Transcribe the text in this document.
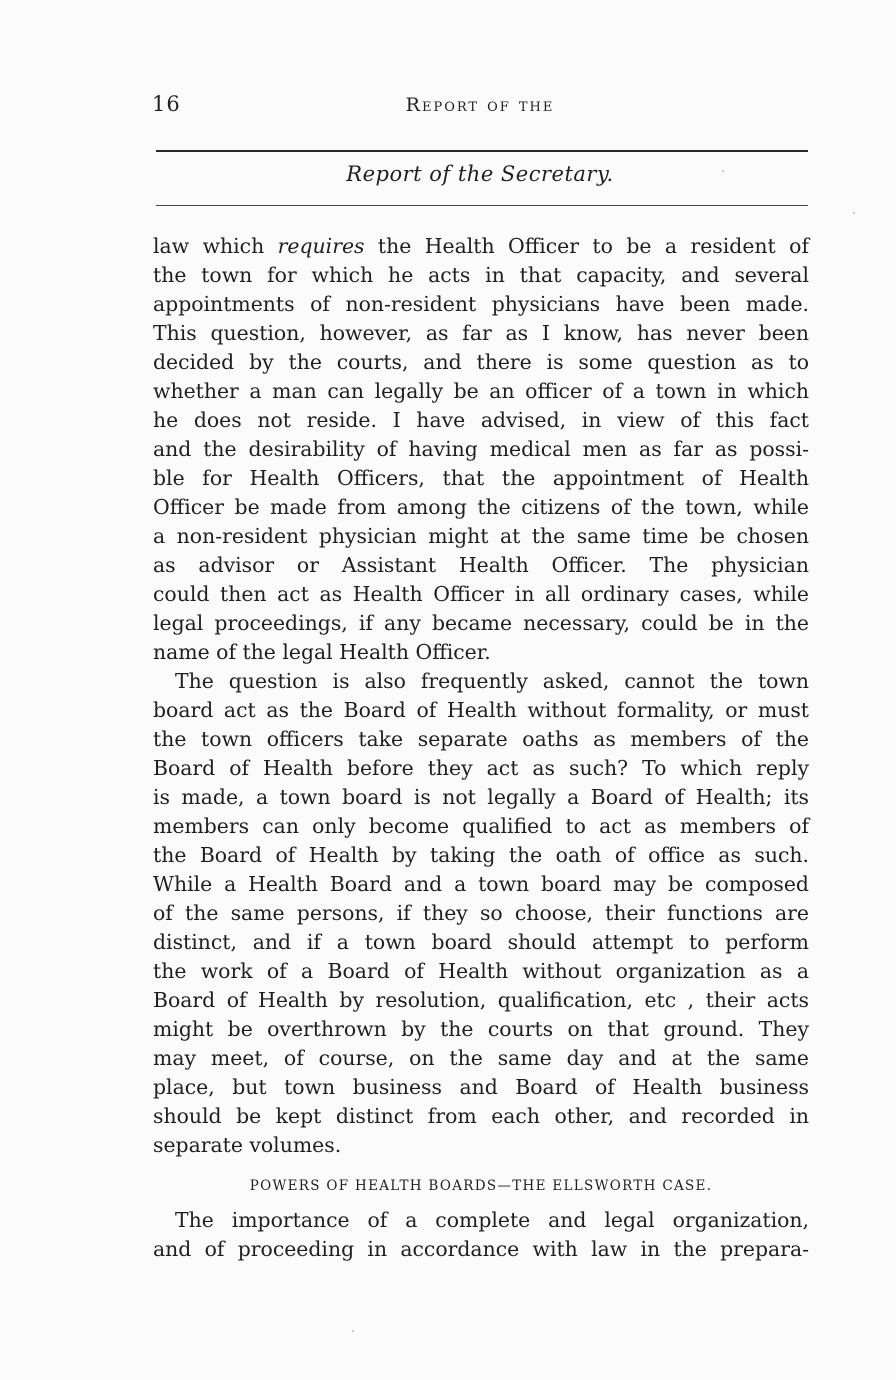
16	Report of the
Report of the Secretary.
law which requires the Health Officer to be a resident of
the town for which he acts in that capacity, and several
appointments of non-resident physicians have been made.
This question, however, as far as I know, has never been
decided by the courts, and there is some question as to
whether a man can legally be an officer of a town in which
he does not reside. I have advised, in view of this fact
and the desirability of having medical men as far as possi-
ble for Health Officers, that the appointment of Health
Officer be made from among the citizens of the town, while
a non-resident physician might at the same time be chosen
as advisor or Assistant Health Officer. The physician
could then act as Health Officer in all ordinary cases, while
legal proceedings, if any became necessary, could be in the
name of the legal Health Officer.
The question is also frequently asked, cannot the town
board act as the Board of Health without formality, or must
the town officers take separate oaths as members of the
Board of Health before they act as such? To which reply
is made, a town board is not legally a Board of Health; its
members can only become qualified to act as members of
the Board of Health by taking the oath of office as such.
While a Health Board and a town board may be composed
of the same persons, if they so choose, their functions are
distinct, and if a town board should attempt to perform
the work of a Board of Health without organization as a
Board of Health by resolution, qualification, etc , their acts
might be overthrown by the courts on that ground. They
may meet, of course, on the same day and at the same
place, but town business and Board of Health business
should be kept distinct from each other, and recorded in
separate volumes.
POWERS OF HEALTH BOARDS—THE ELLSWORTH CASE.
The importance of a complete and legal organization,
and of proceeding in accordance with law in the prepara-
